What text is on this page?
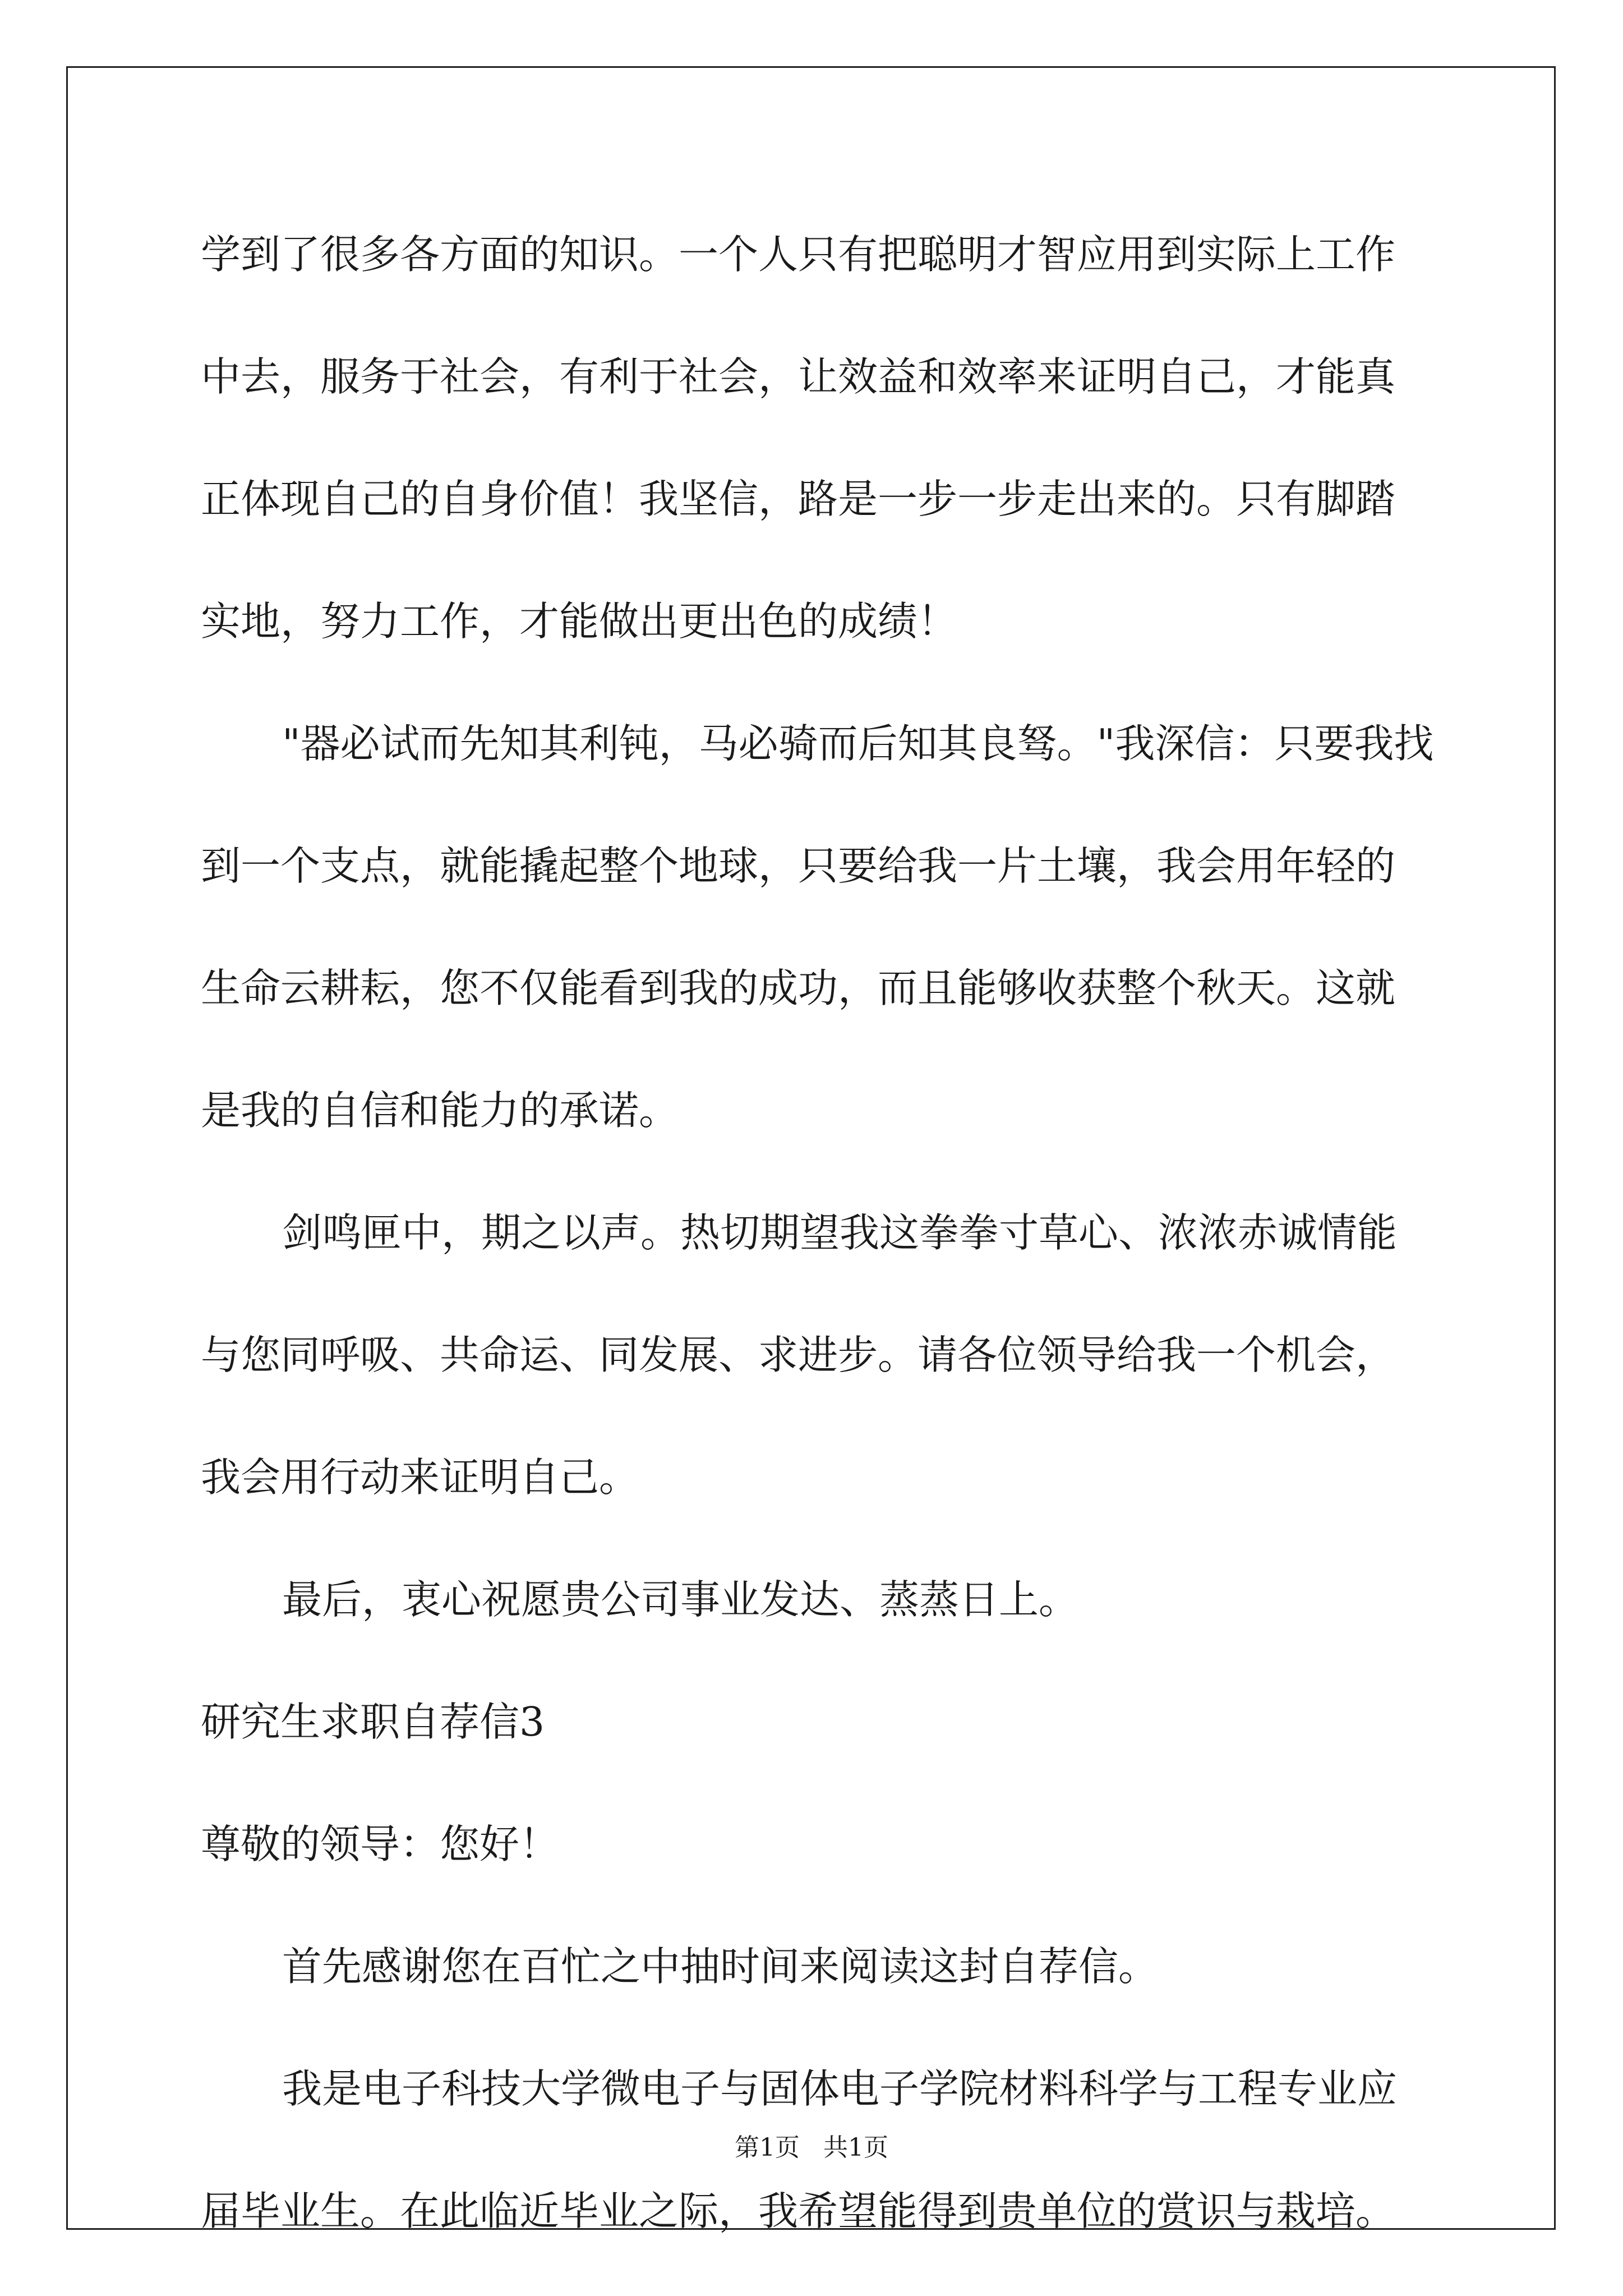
学到了很多各方面的知识。一个人只有把聪明才智应用到实际上工作中去，服务于社会，有利于社会，让效益和效率来证明自己，才能真正体现自己的自身价值！我坚信，路是一步一步走出来的。只有脚踏实地，努力工作，才能做出更出色的成绩！

"器必试而先知其利钝，马必骑而后知其良驽。"我深信：只要我找到一个支点，就能撬起整个地球，只要给我一片土壤，我会用年轻的生命云耕耘，您不仅能看到我的成功，而且能够收获整个秋天。这就是我的自信和能力的承诺。

剑鸣匣中，期之以声。热切期望我这拳拳寸草心、浓浓赤诚情能与您同呼吸、共命运、同发展、求进步。请各位领导给我一个机会，我会用行动来证明自己。

最后，衷心祝愿贵公司事业发达、蒸蒸日上。

研究生求职自荐信3

尊敬的领导：您好！

首先感谢您在百忙之中抽时间来阅读这封自荐信。

我是电子科技大学微电子与固体电子学院材料科学与工程专业应届毕业生。在此临近毕业之际，我希望能得到贵单位的赏识与栽培。

第1页   共1页
